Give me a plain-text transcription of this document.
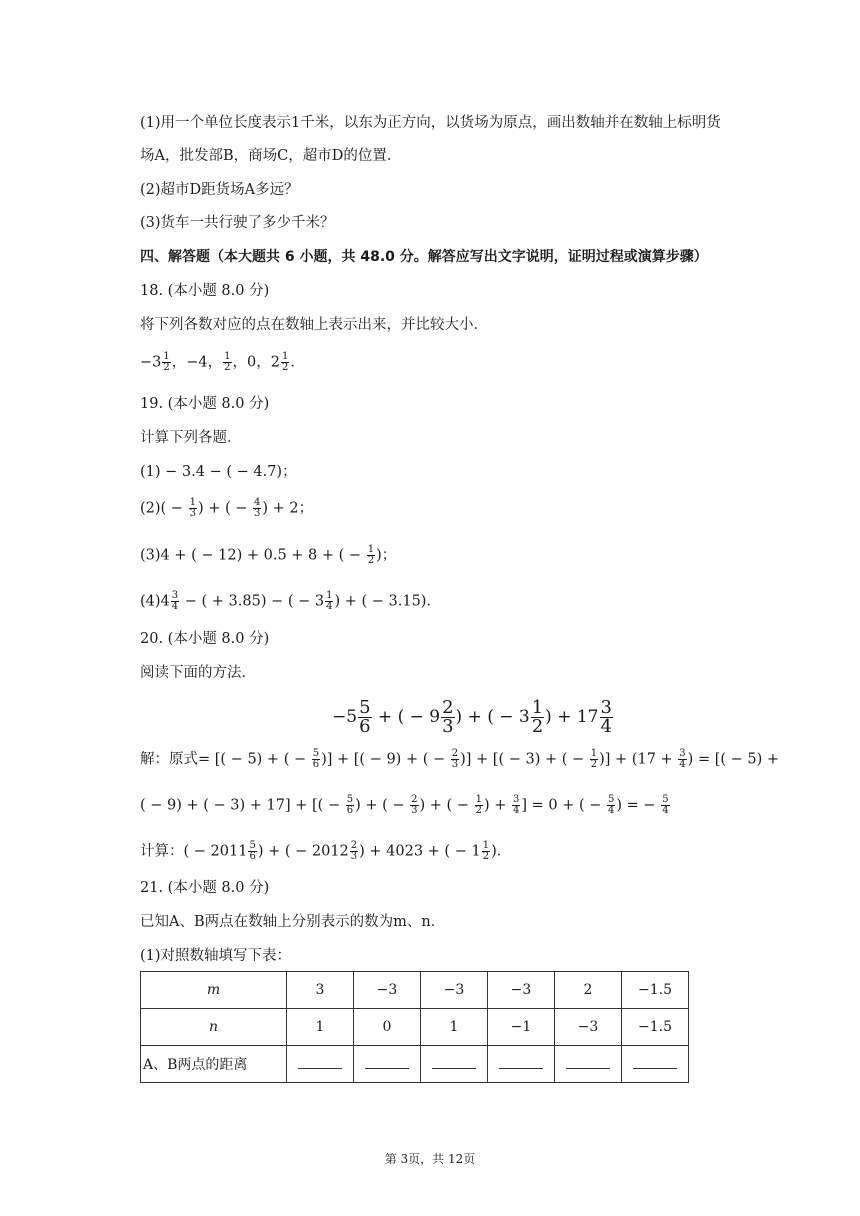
(1)用一个单位长度表示1千米，以东为正方向，以货场为原点，画出数轴并在数轴上标明货
场A，批发部B，商场C，超市D的位置．
(2)超市D距货场A多远？
(3)货车一共行驶了多少千米？
四、解答题（本大题共 6 小题，共 48.0 分。解答应写出文字说明，证明过程或演算步骤）
18. (本小题 8.0 分)
将下列各数对应的点在数轴上表示出来，并比较大小．
$-3 \frac{1}{2}$ ，−4， $\frac{1}{2}$ ，0，$2 \frac{1}{2}$ ．
19. (本小题 8.0 分)
计算下列各题．
(1) − 3.4 − ( − 4.7)；
$(2)( - \frac{1}{3}$ ) + ( − $\frac{4}{3}$ ) + 2；
(3)4 + ( − 12) + 0.5 + 8 + ( − $\frac{1}{2}$ )；
$(4)4 \frac{3}{4}$ − ( + 3.85) − ( − $3 \frac{1}{4}$ ) + ( − 3.15)．
20. (本小题 8.0 分)
阅读下面的方法．
$-5 \frac{5}{6}$ + ( − $9 \frac{2}{3}$ ) + ( − $3 \frac{1}{2}$ ) + $17 \frac{3}{4}$
解：原式= [( − 5) + ( − $\frac{5}{6}$ )] + [( − 9) + ( − $\frac{2}{3}$ )] + [( − 3) + ( − $\frac{1}{2}$ )] + ($17 + \frac{3}{4}$ ) = [( − 5) +
( − 9) + ( − 3) + 17] + [( − $\frac{5}{6}$ ) + ( − $\frac{2}{3}$ ) + ( − $\frac{1}{2}$ ) + $\frac{3}{4}$ ] = 0 + ( − $\frac{5}{4}$ ) = − $\frac{5}{4}$
计算：( − $2011 \frac{5}{6}$ ) + ( − $2012 \frac{2}{3}$ ) + 4023 + ( − $1 \frac{1}{2}$ )．
21. (本小题 8.0 分)
已知A、B两点在数轴上分别表示的数为m、n．
(1)对照数轴填写下表：
m	3	−3	−3	−3	2	−1.5
n	1	0	1	−1	−3	−1.5
A、B两点的距离						
第 3页，共 12页
